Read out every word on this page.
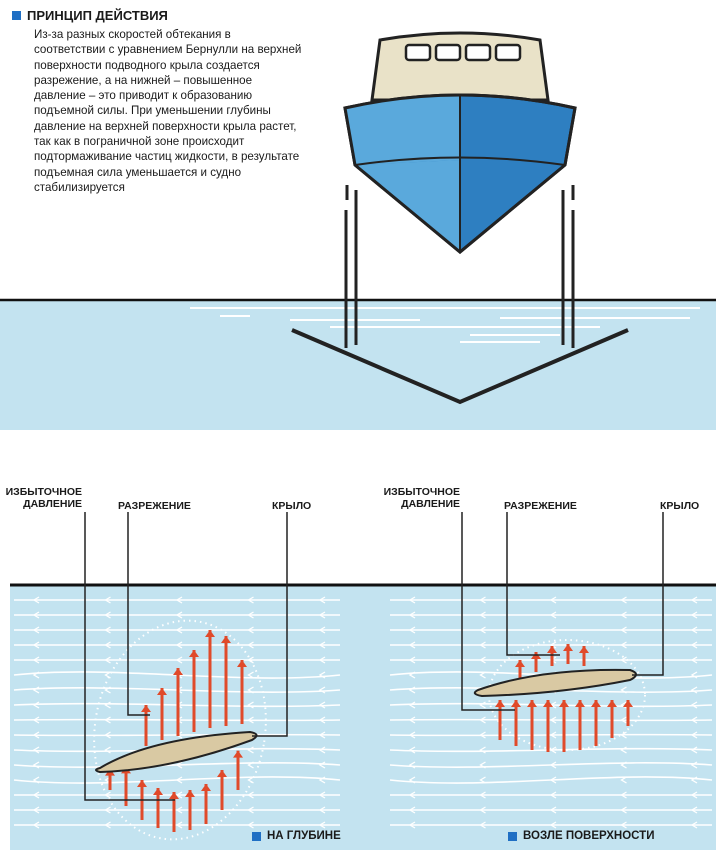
ПРИНЦИП ДЕЙСТВИЯ

Из-за разных скоростей обтекания в соответствии с уравнением Бернулли на верхней поверхности подводного крыла создается разрежение, а на нижней – повышенное давление – это приводит к образованию подъемной силы. При уменьшении глубины давление на верхней поверхности крыла растет, так как в пограничной зоне происходит подтормаживание частиц жидкости, в результате подъемная сила уменьшается и судно стабилизируется

ИЗБЫТОЧНОЕ
ДАВЛЕНИЕ	РАЗРЕЖЕНИЕ	КРЫЛО
ИЗБЫТОЧНОЕ
ДАВЛЕНИЕ	РАЗРЕЖЕНИЕ	КРЫЛО
НА ГЛУБИНЕ	ВОЗЛЕ ПОВЕРХНОСТИ
